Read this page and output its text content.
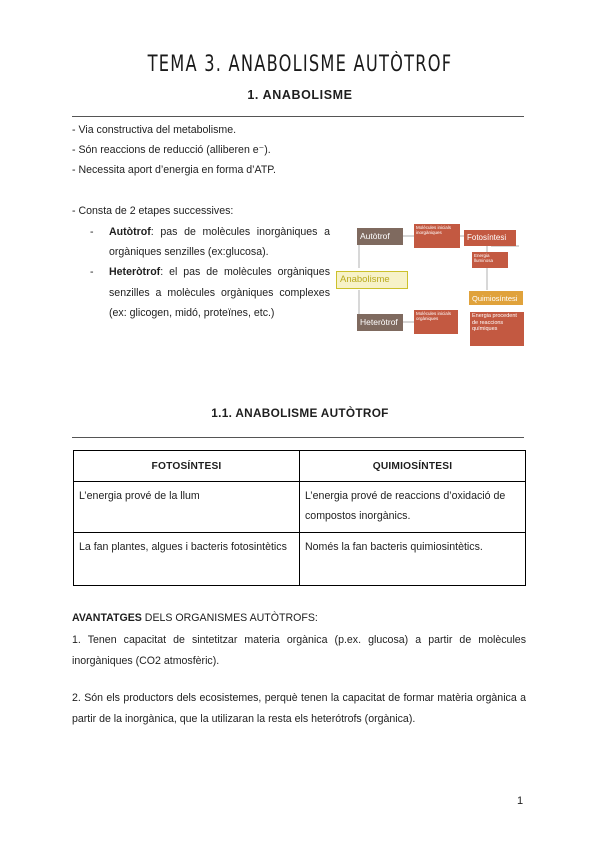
TEMA 3. ANABOLISME AUTÒTROF
1. ANABOLISME
- Via constructiva del metabolisme.
- Són reaccions de reducció (alliberen e⁻).
- Necessita aport d’energia en forma d’ATP.
- Consta de 2 etapes successives:
- Autòtrof: pas de molècules inorgàniques a orgàniques senzilles (ex:glucosa).
- Heteròtrof: el pas de molècules orgàniques senzilles a molècules orgàniques complexes (ex: glicogen, midó, proteïnes, etc.)
Anabolisme
Autòtrof
Molècules inicials inorgàniques
Fotosíntesi
Energia lluminosa
Heteròtrof
Molècules inicials orgàniques
Quimiosíntesi
Energia procedent de reaccions químiques
1.1. ANABOLISME AUTÒTROF
FOTOSÍNTESI	QUIMIOSÍNTESI
L’energia prové de la llum	L’energia prové de reaccions d’oxidació de compostos inorgànics.
La fan plantes, algues i bacteris fotosintètics	Només la fan bacteris quimiosintètics.
AVANTATGES DELS ORGANISMES AUTÒTROFS:
1. Tenen capacitat de sintetitzar materia orgànica (p.ex. glucosa) a partir de molècules inorgàniques (CO2 atmosfèric).
2. Són els productors dels ecosistemes, perquè tenen la capacitat de formar matèria orgànica a partir de la inorgànica, que la utilizaran la resta els heterótrofs (orgànica).
1
